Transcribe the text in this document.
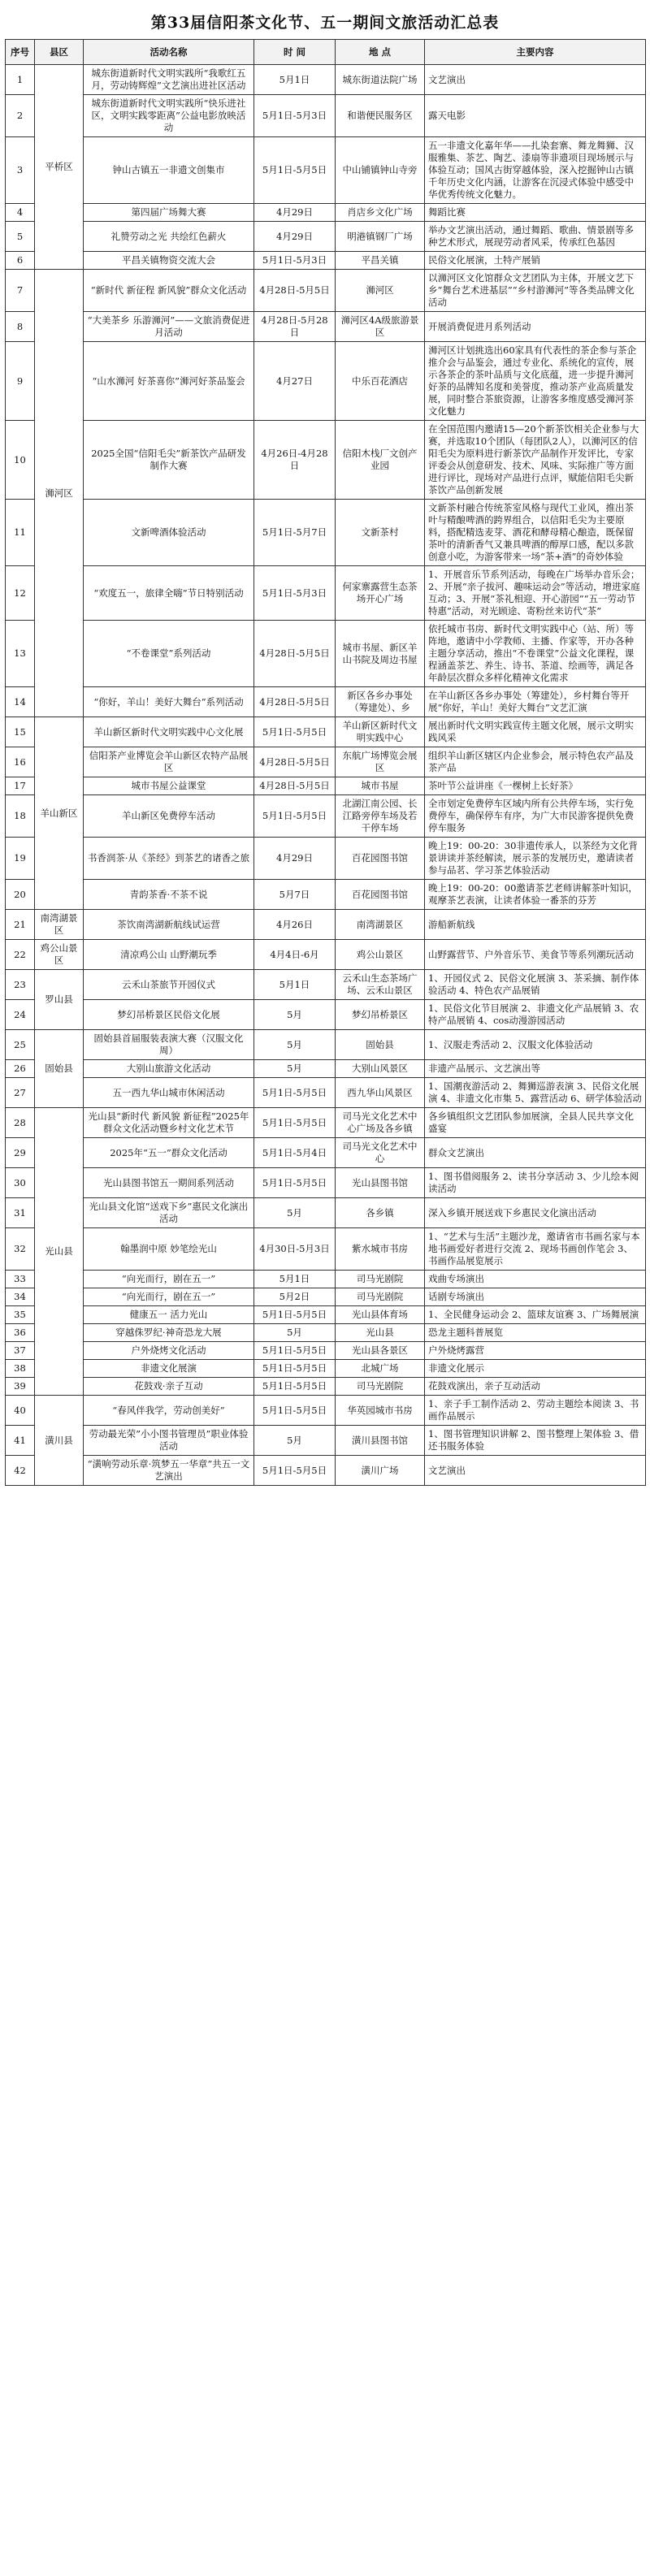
第33届信阳茶文化节、五一期间文旅活动汇总表
序号	县区	活动名称	时 间	地 点	主要内容
1	平桥区	城东街道新时代文明实践所“我歌红五月，劳动铸辉煌”文艺演出进社区活动	5月1日	城东街道法院广场	文艺演出
2		城东街道新时代文明实践所“快乐进社区，文明实践零距离”公益电影放映活动	5月1日-5月3日	和谐便民服务区	露天电影
3		钟山古镇五一非遗文创集市	5月1日-5月5日	中山铺镇钟山寺旁	五一非遗文化嘉年华——扎染套寨、舞龙舞狮、汉服雅集、茶艺、陶艺、漆扇等非遗项目现场展示与体验互动；国风古街穿越体验，深入挖掘钟山古镇千年历史文化内涵，让游客在沉浸式体验中感受中华优秀传统文化魅力。
4		第四届广场舞大赛	4月29日	肖店乡文化广场	舞蹈比赛
5		礼赞劳动之光 共绘红色薪火	4月29日	明港镇钢厂广场	举办文艺演出活动，通过舞蹈、歌曲、情景剧等多种艺术形式，展现劳动者风采，传承红色基因
6		平昌关镇物资交流大会	5月1日-5月3日	平昌关镇	民俗文化展演，土特产展销
7	浉河区	“新时代 新征程 新风貌”群众文化活动	4月28日-5月5日	浉河区	以浉河区文化馆群众文艺团队为主体，开展文艺下乡“舞台艺术进基层”“乡村游浉河”等各类品牌文化活动
8		“大美茶乡 乐游浉河”——文旅消费促进月活动	4月28日-5月28日	浉河区4A级旅游景区	开展消费促进月系列活动
9		“山水浉河 好茶喜你”浉河好茶品鉴会	4月27日	中乐百花酒店	浉河区计划挑选出60家具有代表性的茶企参与茶企推介会与品鉴会，通过专业化、系统化的宣传，展示各茶企的茶叶品质与文化底蕴，进一步提升浉河好茶的品牌知名度和美誉度，推动茶产业高质量发展，同时整合茶旅资源，让游客多维度感受浉河茶文化魅力
10		2025全国“信阳毛尖”新茶饮产品研发制作大赛	4月26日-4月28日	信阳木栈厂文创产业园	在全国范围内邀请15—20个新茶饮相关企业参与大赛，并选取10个团队（每团队2人），以浉河区的信阳毛尖为原料进行新茶饮产品制作开发评比，专家评委会从创意研发、技术、风味、实际推广等方面进行评比，现场对产品进行点评，赋能信阳毛尖新茶饮产品创新发展
11		文新啤酒体验活动	5月1日-5月7日	文新茶村	文新茶村融合传统茶室风格与现代工业风，推出茶叶与精酿啤酒的跨界组合，以信阳毛尖为主要原料，搭配精选麦芽、酒花和酵母精心酿造，既保留茶叶的清新香气又兼具啤酒的醇厚口感，配以多款创意小吃，为游客带来一场“茶+酒”的奇妙体验
12		“欢度五一，旅律全嗨”节日特别活动	5月1日-5月3日	何家寨露营生态茶场开心广场	1、开展音乐节系列活动，每晚在广场举办音乐会；2、开展“亲子拔河、趣味运动会”等活动，增进家庭互动；3、开展“茶礼相迎、开心游园”“五一劳动节特惠”活动，对光顾途、寄粉丝来访代“茶”
13		“不卷课堂”系列活动	4月28日-5月5日	城市书屋、新区羊山书院及周边书屋	依托城市书房、新时代文明实践中心（站、所）等阵地，邀请中小学教师、主播、作家等，开办各种主题分享活动，推出“不卷课堂”公益文化课程，课程涵盖茶艺、养生、诗书、茶道、绘画等，满足各年龄层次群众多样化精神文化需求
14		“你好，羊山！美好大舞台”系列活动	4月28日-5月5日	新区各乡办事处（筹建处）、乡	在羊山新区各乡办事处（筹建处），乡村舞台等开展“你好，羊山！美好大舞台”文艺汇演
15	羊山新区	羊山新区新时代文明实践中心文化展	5月1日-5月5日	羊山新区新时代文明实践中心	展出新时代文明实践宣传主题文化展，展示文明实践风采
16		信阳茶产业博览会羊山新区农特产品展区	4月28日-5月5日	东航广场博览会展区	组织羊山新区辖区内企业参会，展示特色农产品及茶产品
17		城市书屋公益课堂	4月28日-5月5日	城市书屋	茶叶节公益讲座《一棵树上长好茶》
18		羊山新区免费停车活动	5月1日-5月5日	北湖江南公园、长江路旁停车场及若干停车场	全市划定免费停车区域内所有公共停车场，实行免费停车，确保停车有序，为广大市民游客提供免费停车服务
19		书香润茶·从《茶经》到茶艺的诸香之旅	4月29日	百花园图书馆	晚上19：00-20：30非遗传承人，以茶经为文化背景讲读并茶经解读，展示茶的发展历史，邀请读者参与品茗、学习茶艺体验活动
20		青韵茶香·不茶不说	5月7日	百花园图书馆	晚上19：00-20：00邀请茶艺老师讲解茶叶知识，观摩茶艺表演，让读者体验一番茶的芬芳
21	南湾湖景区	茶饮南湾湖新航线试运营	4月26日	南湾湖景区	游船新航线
22	鸡公山景区	清凉鸡公山 山野潮玩季	4月4日-6月	鸡公山景区	山野露营节、户外音乐节、美食节等系列潮玩活动
23	罗山县	云禾山茶旅节开园仪式	5月1日	云禾山生态茶场广场、云禾山景区	1、开园仪式 2、民俗文化展演 3、茶采摘、制作体验活动 4、特色农产品展销
24		梦幻吊桥景区民俗文化展	5月	梦幻吊桥景区	1、民俗文化节目展演 2、非遗文化产品展销 3、农特产品展销 4、cos动漫游园活动
25	固始县	固始县首届服装表演大赛（汉服文化周）	5月	固始县	1、汉服走秀活动 2、汉服文化体验活动
26		大别山旅游文化活动	5月	大别山风景区	非遗产品展示、文艺演出等
27		五一西九华山城市休闲活动	5月1日-5月5日	西九华山风景区	1、国潮夜游活动 2、舞狮巡游表演 3、民俗文化展演 4、非遗文化市集 5、露营活动 6、研学体验活动
28	光山县	光山县“新时代 新风貌 新征程”2025年群众文化活动暨乡村文化艺术节	5月1日-5月5日	司马光文化艺术中心广场及各乡镇	各乡镇组织文艺团队参加展演，全县人民共享文化盛宴
29		2025年“五一”群众文化活动	5月1日-5月4日	司马光文化艺术中心	群众文艺演出
30		光山县图书馆五一期间系列活动	5月1日-5月5日	光山县图书馆	1、图书借阅服务 2、读书分享活动 3、少儿绘本阅读活动
31		光山县文化馆“送戏下乡”惠民文化演出活动	5月	各乡镇	深入乡镇开展送戏下乡惠民文化演出活动
32		翰墨润中原 妙笔绘光山	4月30日-5月3日	紫水城市书房	1、“艺术与生活”主题沙龙，邀请省市书画名家与本地书画爱好者进行交流 2、现场书画创作笔会 3、书画作品展览展示
33		“向光而行，剧在五一”	5月1日	司马光剧院	戏曲专场演出
34		“向光而行，剧在五一”	5月2日	司马光剧院	话剧专场演出
35		健康五一 活力光山	5月1日-5月5日	光山县体育场	1、全民健身运动会 2、篮球友谊赛 3、广场舞展演
36		穿越侏罗纪·神奇恐龙大展	5月	光山县	恐龙主题科普展览
37		户外烧烤文化活动	5月1日-5月5日	光山县各景区	户外烧烤露营
38		非遗文化展演	5月1日-5月5日	北城广场	非遗文化展示
39		花鼓戏·亲子互动	5月1日-5月5日	司马光剧院	花鼓戏演出，亲子互动活动
40	潢川县	“春风伴我学，劳动创美好”	5月1日-5月5日	华英园城市书房	1、亲子手工制作活动 2、劳动主题绘本阅读 3、书画作品展示
41		劳动最光荣”小小图书管理员”职业体验活动	5月	潢川县图书馆	1、图书管理知识讲解 2、图书整理上架体验 3、借还书服务体验
42		“潢响劳动乐章·筑梦五一华章”共五一文艺演出	5月1日-5月5日	潢川广场	文艺演出
